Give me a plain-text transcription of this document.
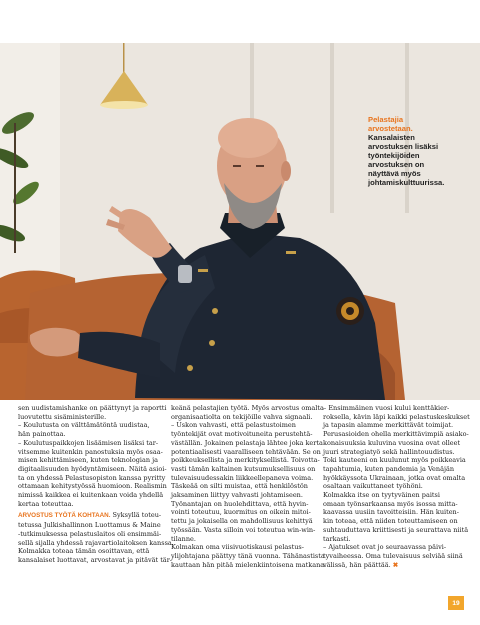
Pelastajia
arvostetaan.
Kansalaisten
arvostuksen lisäksi
työntekijöiden
arvostuksen on
näyttävä myös
johtamiskulttuurissa.
sen uudistamishanke on päättynyt ja raportti
luovutettu sisäministerille.
– Koulutusta on välttämätöntä uudistaa,
hän painottaa.
– Koulutuspaikkojen lisäämisen lisäksi tar-
vitsemme kuitenkin panostuksia myös osaa-
misen kehittämiseen, kuten teknologian ja
digitaalisuuden hyödyntämiseen. Näitä asioi-
ta on yhdessä Pelastusopiston kanssa pyritty
ottamaan kehitystyössä huomioon. Realismin
nimissä kaikkea ei kuitenkaan voida yhdellä
kertaa toteuttaa.
ARVOSTUS TYÖTÄ KOHTAAN. Syksyllä toteu-
tetussa Julkishallinnon Luottamus & Maine
-tutkimuksessa pelastuslaitos oli ensimmäi-
sellä sijalla yhdessä rajavartiolaitoksen kanssa.
Kolmakka toteaa tämän osoittavan, että
kansalaiset luottavat, arvostavat ja pitävät tär-
keänä pelastajien työtä. Myös arvostus omalta
organisaatiolta on tekijöille vahva signaali.
– Uskon vahvasti, että pelastustoimen
työntekijät ovat motivoituneita perustehtä-
väställän. Jokainen pelastaja lähtee joka kerta
potentiaalisesti vaaralliseen tehtävään. Se on
poikkeuksellista ja merkityksellistä. Toivotta-
vasti tämän kaltainen kutsumuksellisuus on
tulevaisuudessakin liikkeellepaneva voima.
Täskeää on silti muistaa, että henkilöstön
jaksaminen liittyy vahvasti johtamiseen.
Työnantajan on huolehdittava, että hyvin-
vointi toteutuu, kuormitus on oikein mitoi-
tettu ja jokaisella on mahdollisuus kehittyä
työssään. Vasta silloin voi toteutua win-win-
tilanne.
Kolmakan oma viisivuotiskausi pelastus-
ylijohtajana päättyy tänä vuonna. Tähänastista
kauttaan hän pitää mielenkiintoisena matkana.
– Ensimmäinen vuosi kului kenttäkier-
roksella, kävin läpi kaikki pelastuskeskukset
ja tapasin alamme merkittävät toimijat.
Perusasioiden ohella merkittävimpiä asiako-
konaisuuksia kuluvina vuosina ovat olleet
juuri strategiatyö sekä hallintouudistus.
Toki kauteeni on kuulunut myös poikkeavia
tapahtumia, kuten pandemia ja Venäjän
hyökkäyssota Ukrainaan, jotka ovat omalta
osaltaan vaikuttaneet työhöni.
Kolmakka itse on tyytyväinen paitsi
omaan työnsarkaansa myös isossa mitta-
kaavassa uusiin tavoitteisiin. Hän kuiten-
kin toteaa, että niiden toteuttamiseen on
suhtauduttava kriittisesti ja seurattava niitä
tarkasti.
– Ajatukset ovat jo seuraavassa päivi-
tyvaiheessa. Oma tulevaisuus selviää siinä
välissä, hän päättää. ✖
19
